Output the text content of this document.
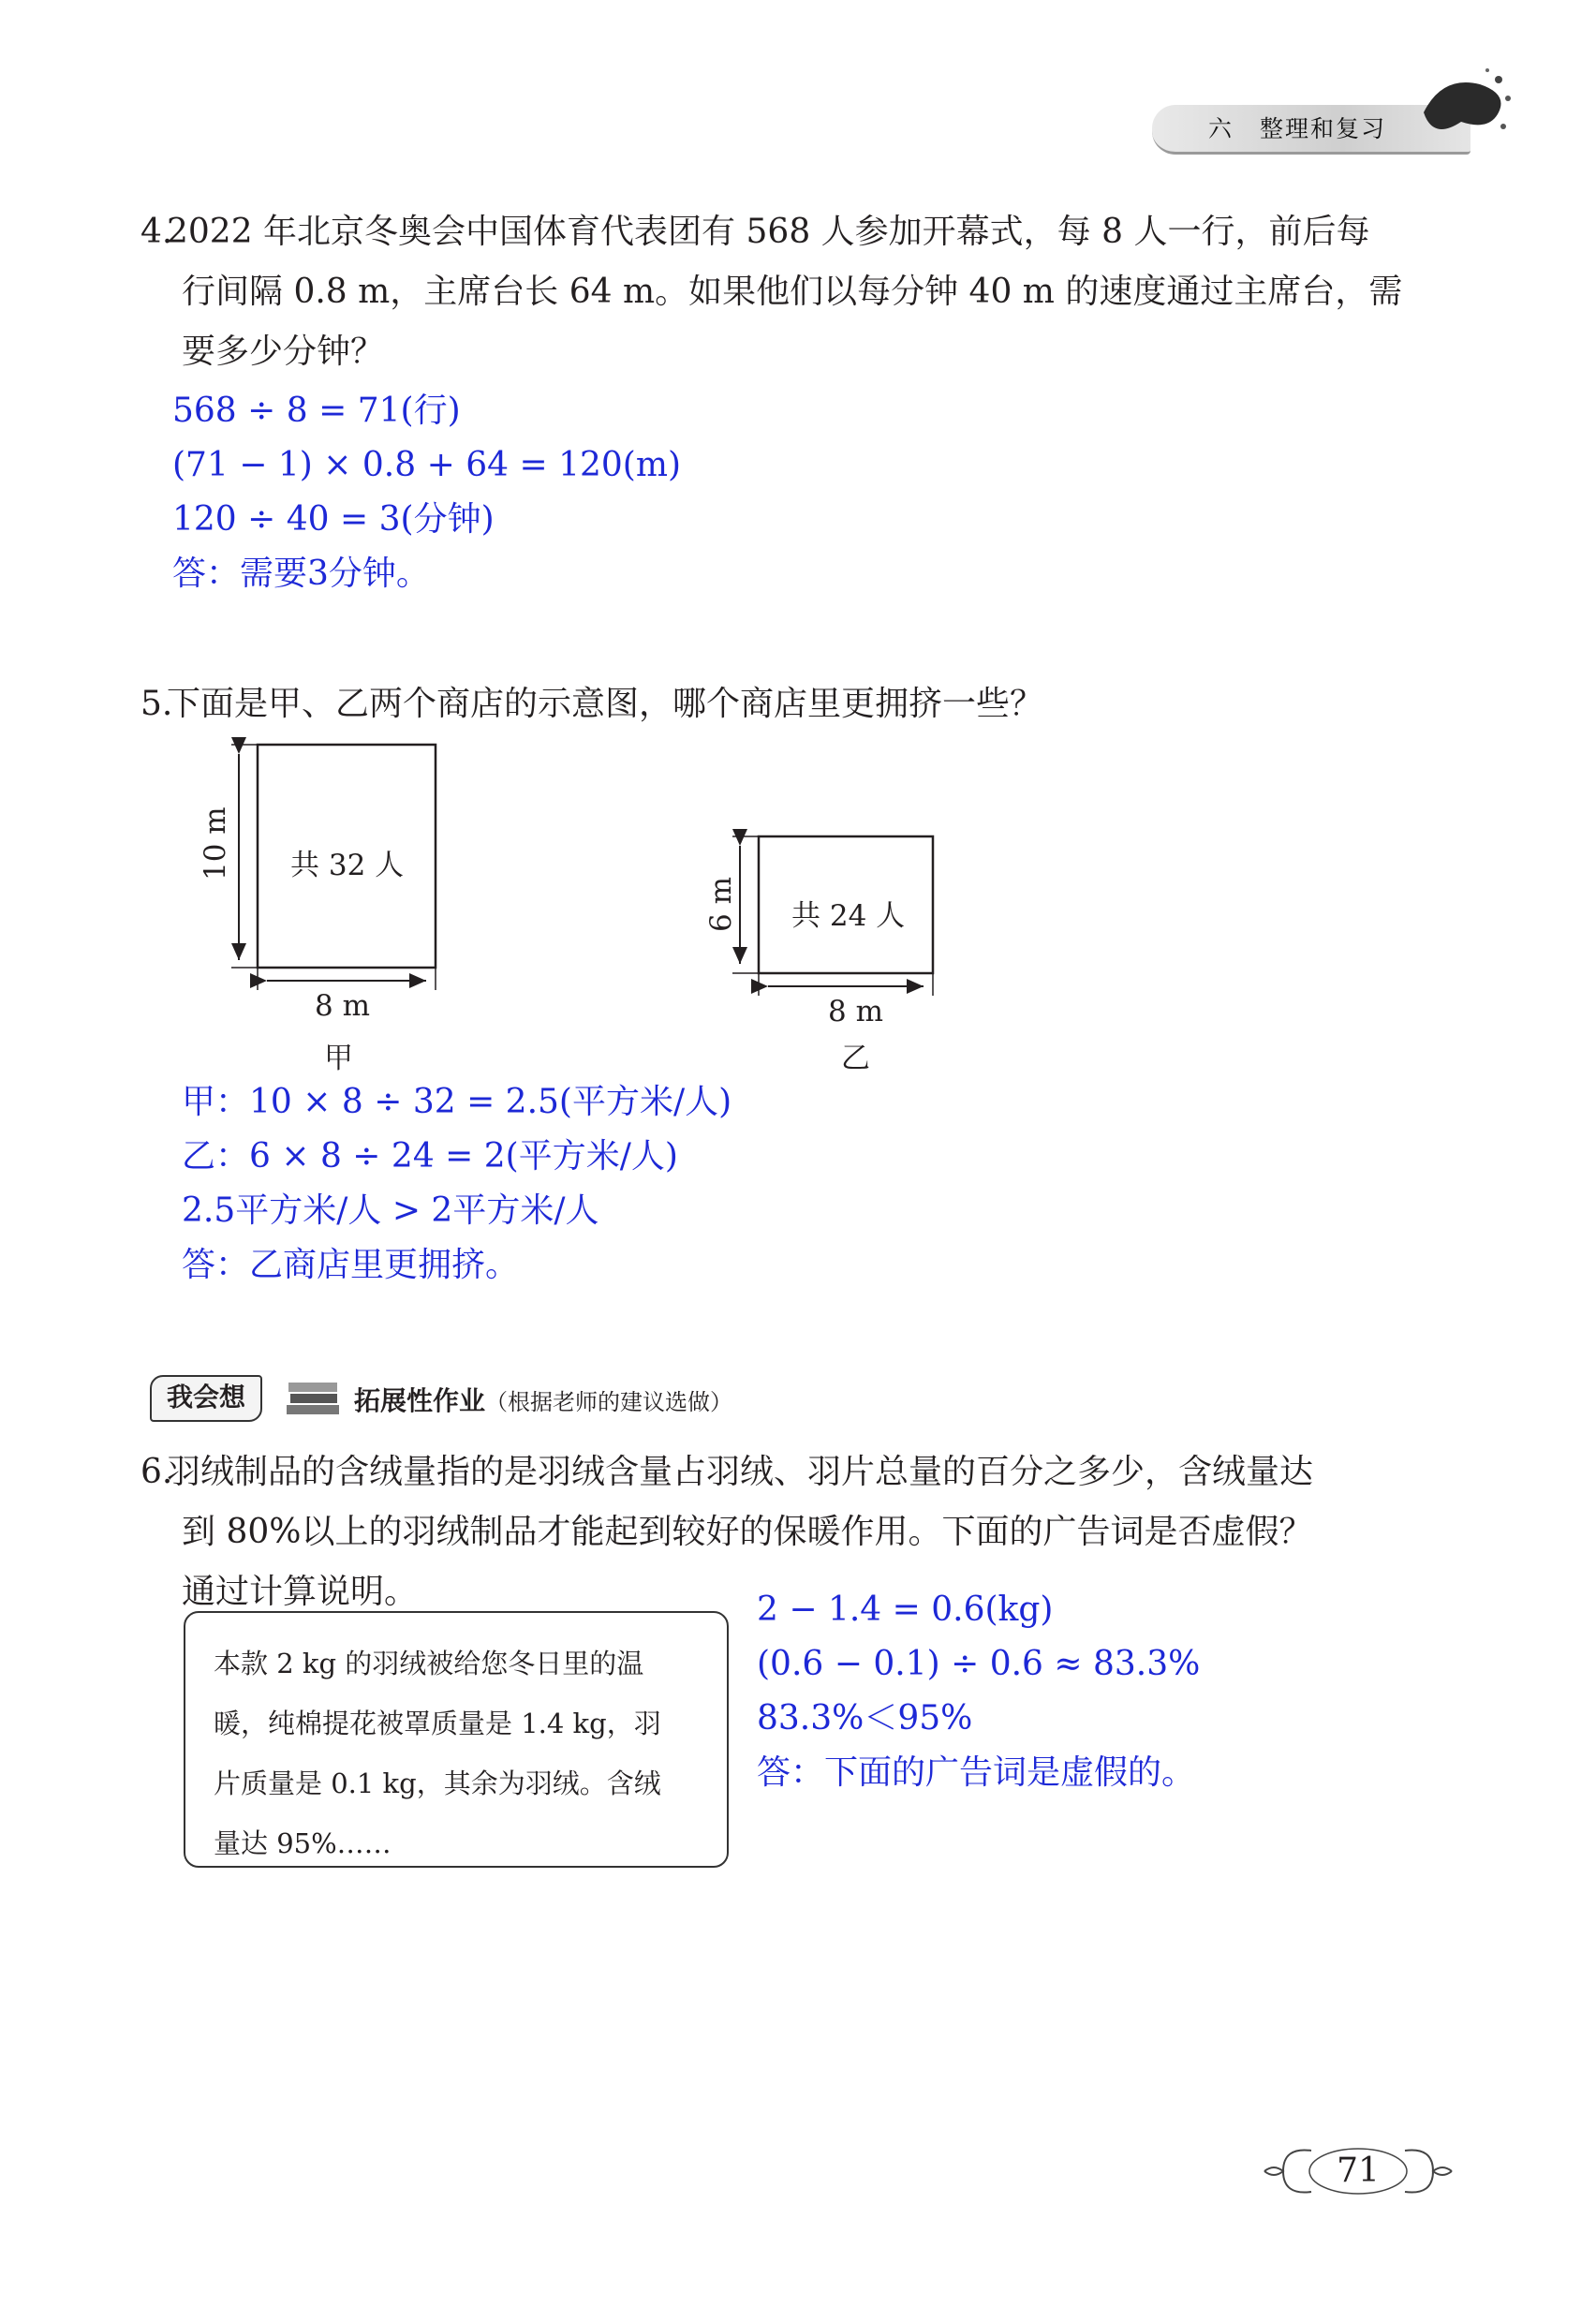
六 整理和复习
4.2022 年北京冬奥会中国体育代表团有 568 人参加开幕式，每 8 人一行，前后每
行间隔 0.8 m，主席台长 64 m。如果他们以每分钟 40 m 的速度通过主席台，需
要多少分钟？
568 ÷ 8 = 71(行)
(71 − 1) × 0.8 + 64 = 120(m)
120 ÷ 40 = 3(分钟)
答：需要3分钟。
5.下面是甲、乙两个商店的示意图，哪个商店里更拥挤一些？
10 m 共 32 人
8 m
甲
6 m 共 24 人
8 m
乙
甲：10 × 8 ÷ 32 = 2.5(平方米/人)
乙：6 × 8 ÷ 24 = 2(平方米/人)
2.5平方米/人 > 2平方米/人
答：乙商店里更拥挤。
我会想	拓展性作业（根据老师的建议选做）
6.羽绒制品的含绒量指的是羽绒含量占羽绒、羽片总量的百分之多少，含绒量达
到 80%以上的羽绒制品才能起到较好的保暖作用。下面的广告词是否虚假？
通过计算说明。
本款 2 kg 的羽绒被给您冬日里的温
暖，纯棉提花被罩质量是 1.4 kg，羽
片质量是 0.1 kg，其余为羽绒。含绒
量达 95%……
2 − 1.4 = 0.6(kg)
(0.6 − 0.1) ÷ 0.6 ≈ 83.3%
83.3%＜95%
答：下面的广告词是虚假的。
71
